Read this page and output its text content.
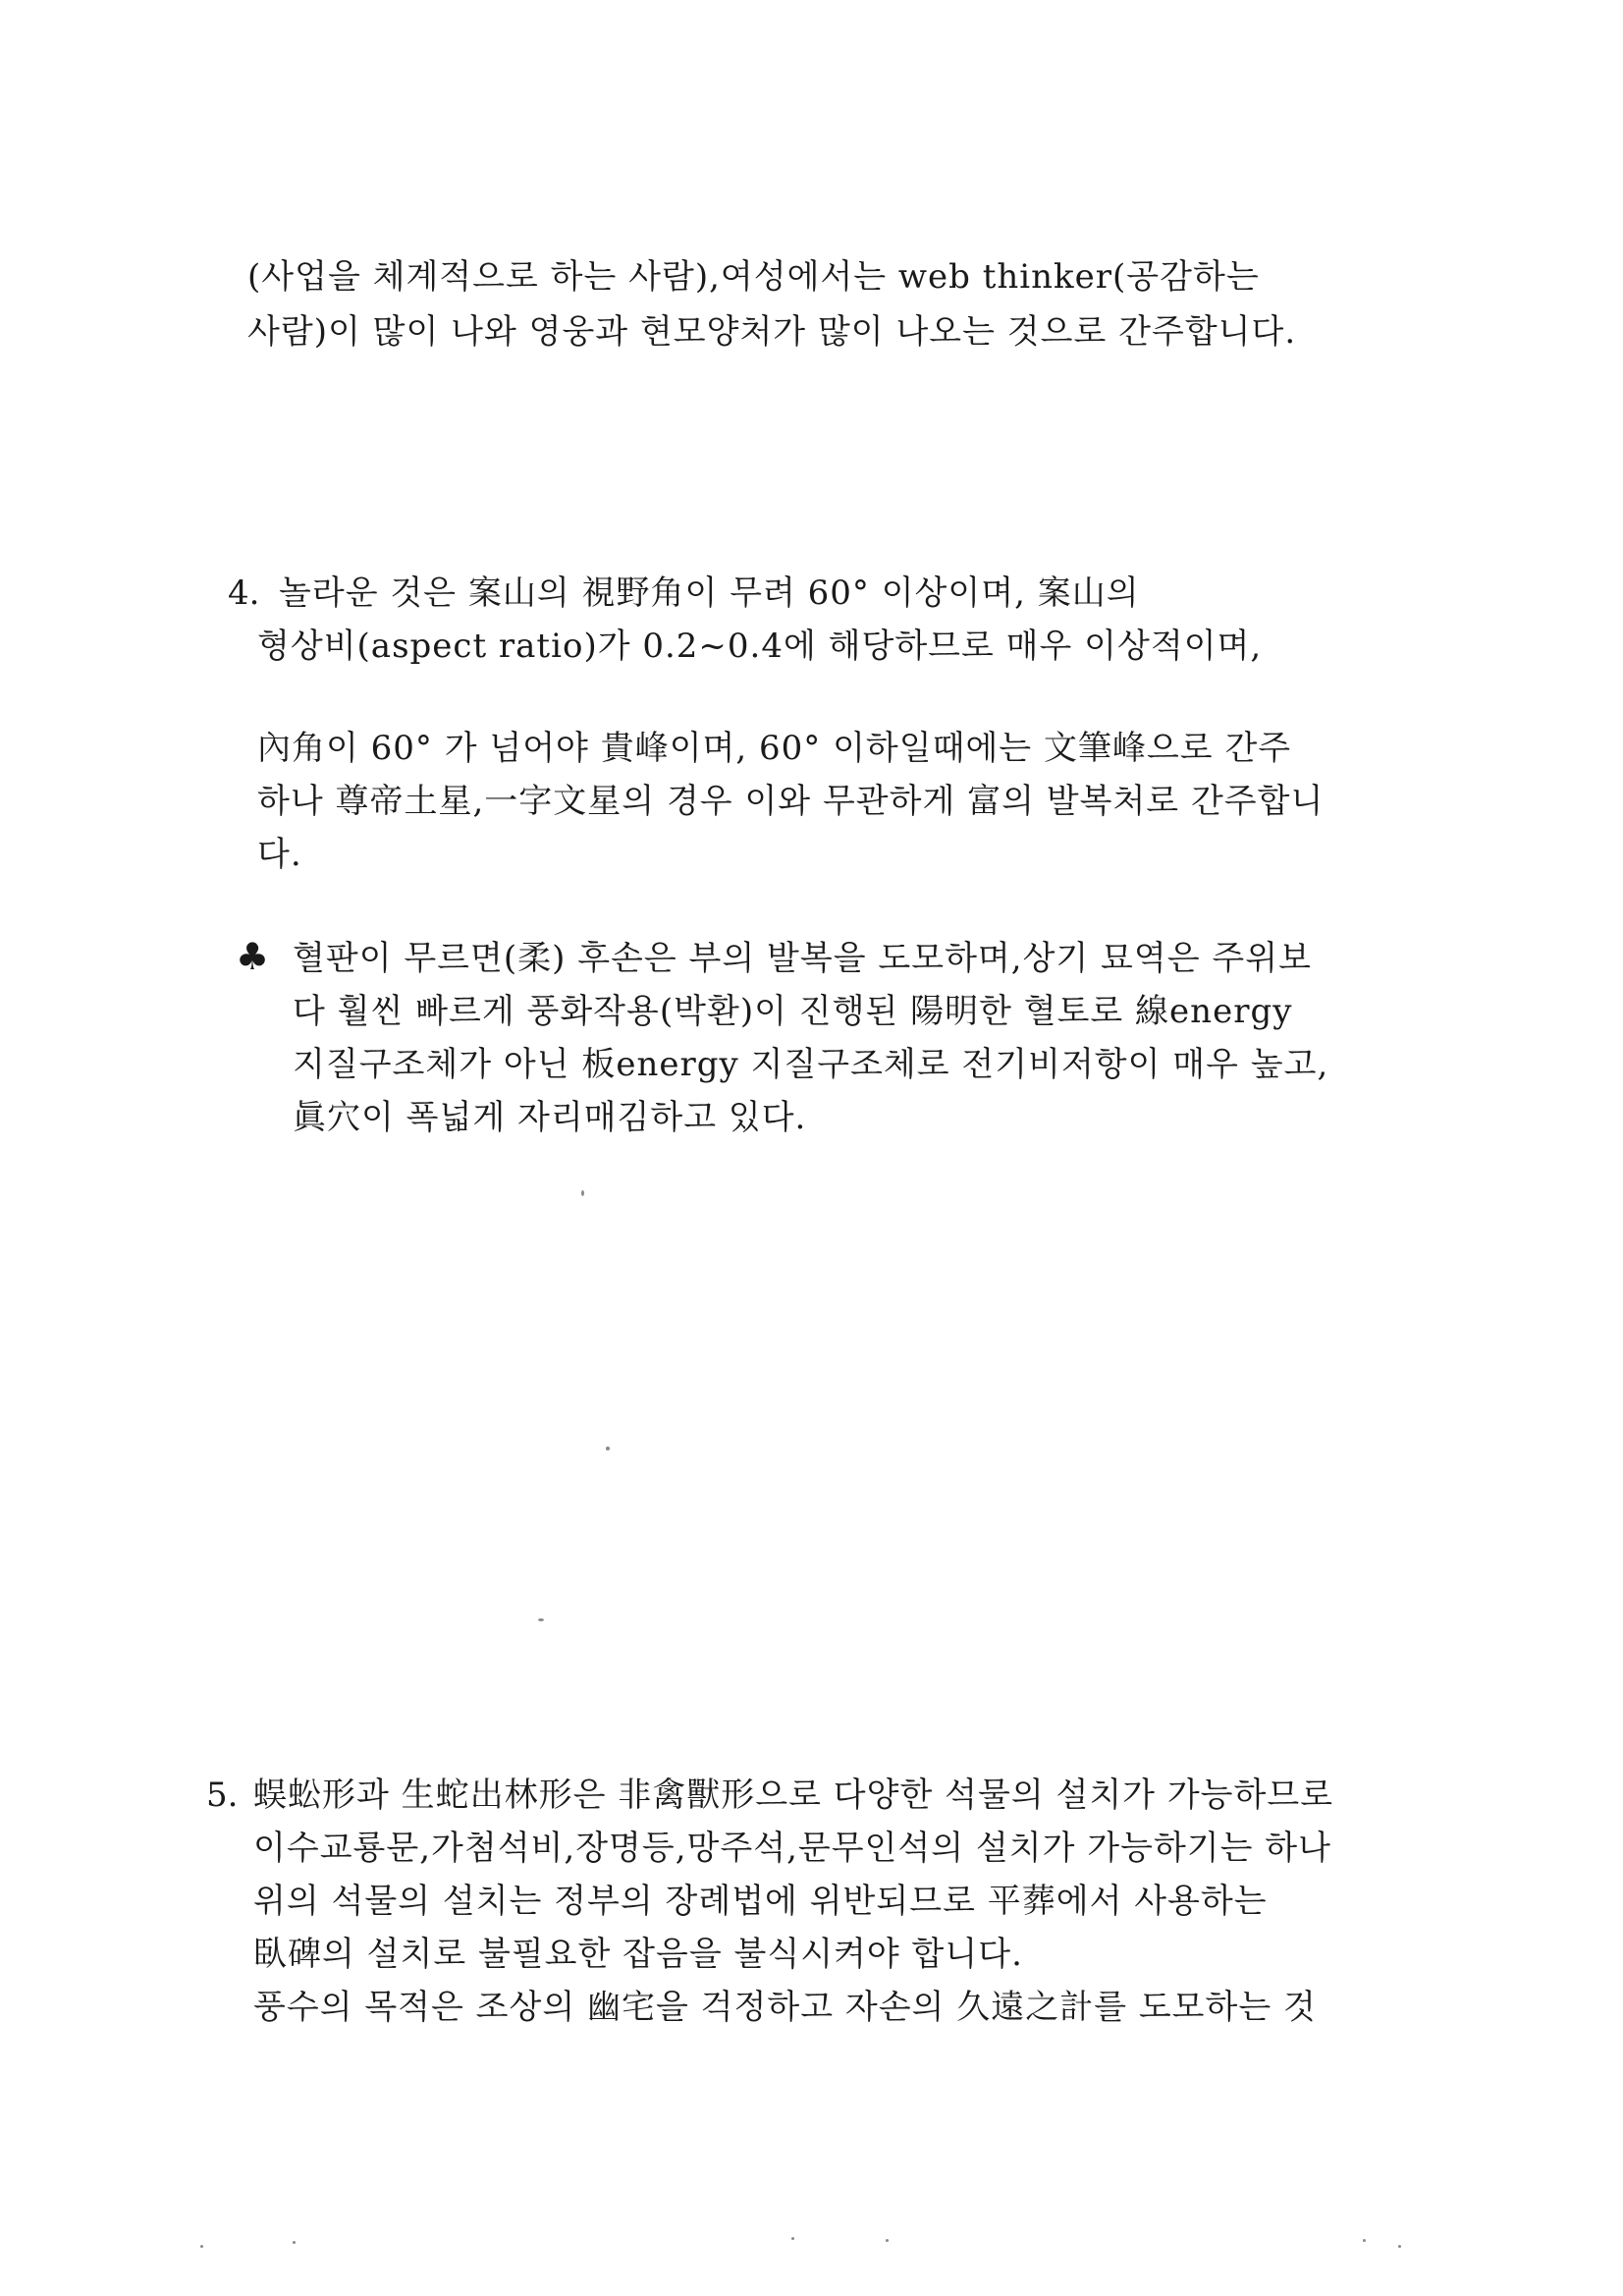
(사업을 체계적으로 하는 사람),여성에서는 web thinker(공감하는
사람)이 많이 나와 영웅과 현모양처가 많이 나오는 것으로 간주합니다.
4. 놀라운 것은 案山의 視野角이 무려 60° 이상이며, 案山의
형상비(aspect ratio)가 0.2~0.4에 해당하므로 매우 이상적이며,
內角이 60° 가 넘어야 貴峰이며, 60° 이하일때에는 文筆峰으로 간주
하나 尊帝土星,一字文星의 경우 이와 무관하게 富의 발복처로 간주합니
다.
♣ 혈판이 무르면(柔) 후손은 부의 발복을 도모하며,상기 묘역은 주위보
다 훨씬 빠르게 풍화작용(박환)이 진행된 陽明한 혈토로 線energy
지질구조체가 아닌 板energy 지질구조체로 전기비저항이 매우 높고,
眞穴이 폭넓게 자리매김하고 있다.
5. 蜈蚣形과 生蛇出林形은 非禽獸形으로 다양한 석물의 설치가 가능하므로
이수교룡문,가첨석비,장명등,망주석,문무인석의 설치가 가능하기는 하나
위의 석물의 설치는 정부의 장례법에 위반되므로 平葬에서 사용하는
臥碑의 설치로 불필요한 잡음을 불식시켜야 합니다.
풍수의 목적은 조상의 幽宅을 걱정하고 자손의 久遠之計를 도모하는 것
